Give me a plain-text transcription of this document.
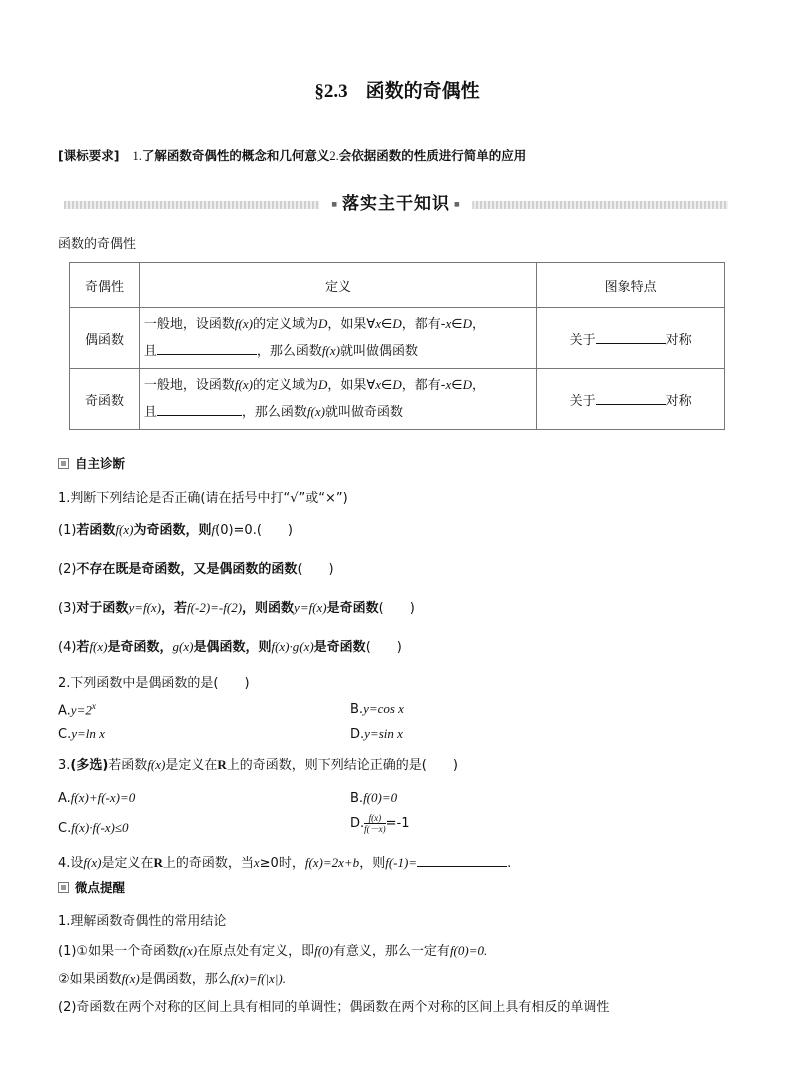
§2.3 函数的奇偶性
[课标要求] 1.了解函数奇偶性的概念和几何意义2.会依据函数的性质进行简单的应用
■ 落实主干知识 ■
函数的奇偶性
奇偶性	定义	图象特点
偶函数	一般地，设函数f(x)的定义域为D，如果∀x∈D，都有-x∈D，
且 ，那么函数f(x)就叫做偶函数	关于 对称
奇函数	一般地，设函数f(x)的定义域为D，如果∀x∈D，都有-x∈D，
且 ，那么函数f(x)就叫做奇函数	关于 对称
自主诊断
1.判断下列结论是否正确(请在括号中打“√”或“×”)
(1)若函数f(x)为奇函数，则f(0)=0.(　　)
(2)不存在既是奇函数，又是偶函数的函数(　　)
(3)对于函数y=f(x)，若f(-2)=-f(2)，则函数y=f(x)是奇函数(　　)
(4)若f(x)是奇函数，g(x)是偶函数，则f(x)·g(x)是奇函数(　　)
2.下列函数中是偶函数的是(　　)
$A.y=2^x$	B.y=cos x
C.y=ln x	D.y=sin x
3.(多选)若函数f(x)是定义在R上的奇函数，则下列结论正确的是(　　)
A.f(x)+f(-x)=0	B.f(0)=0
C.f(x)·f(-x)≤0	D. $\frac{f(x)}{f(-x)} =-1$
4.设f(x)是定义在R上的奇函数，当x≥0时，f(x)=2x+b，则f(-1)=	.
微点提醒
1.理解函数奇偶性的常用结论
(1)①如果一个奇函数f(x)在原点处有定义，即f(0)有意义，那么一定有f(0)=0.
②如果函数f(x)是偶函数，那么f(x)=f(|x|).
(2)奇函数在两个对称的区间上具有相同的单调性；偶函数在两个对称的区间上具有相反的单调性
